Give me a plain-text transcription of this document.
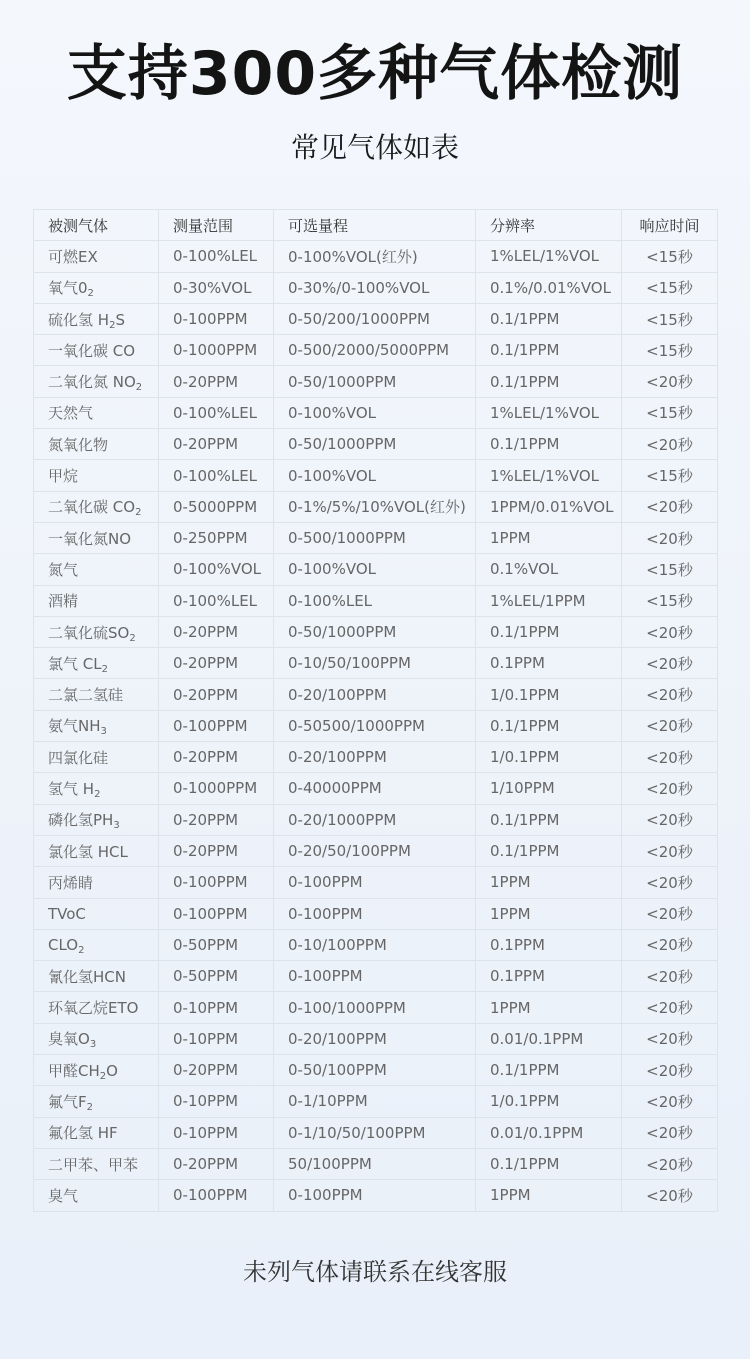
支持300多种气体检测
常见气体如表
被测气体	测量范围	可选量程	分辨率	响应时间
可燃EX	0-100%LEL	0-100%VOL(红外)	1%LEL/1%VOL	<15秒
氧气$0_2$	0-30%VOL	0-30%/0-100%VOL	0.1%/0.01%VOL	<15秒
硫化氢 $H_2S$	0-100PPM	0-50/200/1000PPM	0.1/1PPM	<15秒
一氧化碳 CO	0-1000PPM	0-500/2000/5000PPM	0.1/1PPM	<15秒
二氧化氮 $NO_2$	0-20PPM	0-50/1000PPM	0.1/1PPM	<20秒
天然气	0-100%LEL	0-100%VOL	1%LEL/1%VOL	<15秒
氮氧化物	0-20PPM	0-50/1000PPM	0.1/1PPM	<20秒
甲烷	0-100%LEL	0-100%VOL	1%LEL/1%VOL	<15秒
二氧化碳 $CO_2$	0-5000PPM	0-1%/5%/10%VOL(红外)	1PPM/0.01%VOL	<20秒
一氧化氮NO	0-250PPM	0-500/1000PPM	1PPM	<20秒
氮气	0-100%VOL	0-100%VOL	0.1%VOL	<15秒
酒精	0-100%LEL	0-100%LEL	1%LEL/1PPM	<15秒
二氧化硫$SO_2$	0-20PPM	0-50/1000PPM	0.1/1PPM	<20秒
氯气 $CL_2$	0-20PPM	0-10/50/100PPM	0.1PPM	<20秒
二氯二氢硅	0-20PPM	0-20/100PPM	1/0.1PPM	<20秒
氨气$NH_3$	0-100PPM	0-50500/1000PPM	0.1/1PPM	<20秒
四氯化硅	0-20PPM	0-20/100PPM	1/0.1PPM	<20秒
氢气 $H_2$	0-1000PPM	0-40000PPM	1/10PPM	<20秒
磷化氢$PH_3$	0-20PPM	0-20/1000PPM	0.1/1PPM	<20秒
氯化氢 HCL	0-20PPM	0-20/50/100PPM	0.1/1PPM	<20秒
丙烯睛	0-100PPM	0-100PPM	1PPM	<20秒
TVoC	0-100PPM	0-100PPM	1PPM	<20秒
$CLO_2$	0-50PPM	0-10/100PPM	0.1PPM	<20秒
氰化氢HCN	0-50PPM	0-100PPM	0.1PPM	<20秒
环氧乙烷ETO	0-10PPM	0-100/1000PPM	1PPM	<20秒
臭氧$O_3$	0-10PPM	0-20/100PPM	0.01/0.1PPM	<20秒
甲醛$CH_2O$	0-20PPM	0-50/100PPM	0.1/1PPM	<20秒
氟气$F_2$	0-10PPM	0-1/10PPM	1/0.1PPM	<20秒
氟化氢 HF	0-10PPM	0-1/10/50/100PPM	0.01/0.1PPM	<20秒
二甲苯、甲苯	0-20PPM	50/100PPM	0.1/1PPM	<20秒
臭气	0-100PPM	0-100PPM	1PPM	<20秒
未列气体请联系在线客服
